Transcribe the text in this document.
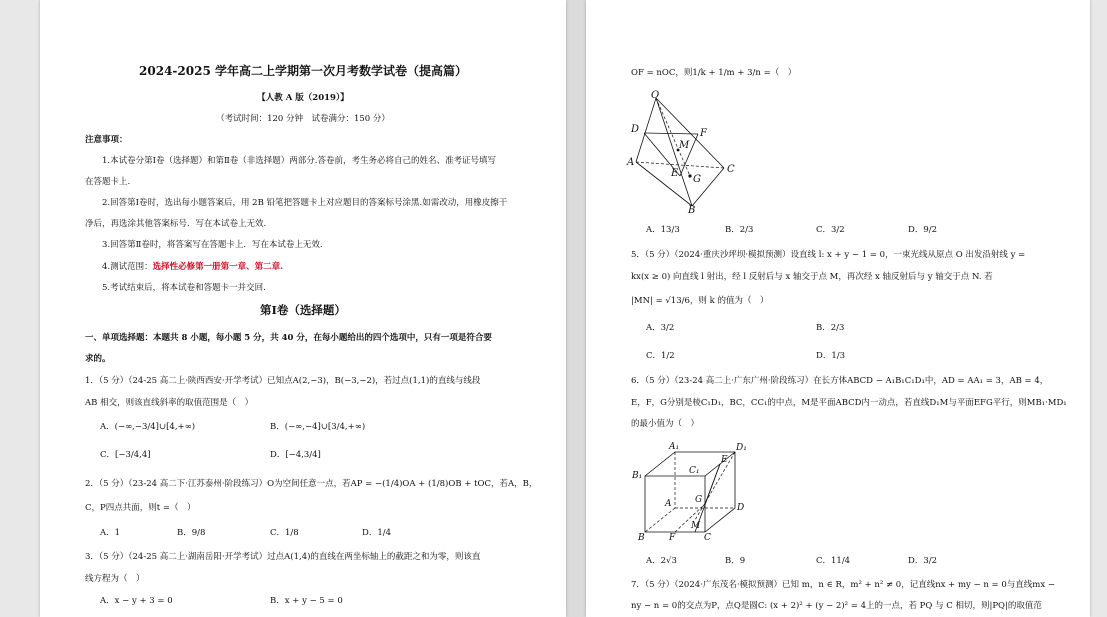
2024-2025 学年高二上学期第一次月考数学试卷（提高篇）
【人教 A 版（2019）】
（考试时间：120 分钟　试卷满分：150 分）
注意事项：
1.本试卷分第Ⅰ卷（选择题）和第Ⅱ卷（非选择题）两部分.答卷前，考生务必将自己的姓名、准考证号填写
在答题卡上.
2.回答第Ⅰ卷时，选出每小题答案后，用 2B 铅笔把答题卡上对应题目的答案标号涂黑.如需改动，用橡皮擦干
净后，再选涂其他答案标号．写在本试卷上无效.
3.回答第Ⅱ卷时，将答案写在答题卡上．写在本试卷上无效.
4.测试范围：选择性必修第一册第一章、第二章.
5.考试结束后，将本试卷和答题卡一并交回.
第Ⅰ卷（选择题）
一、单项选择题：本题共 8 小题，每小题 5 分，共 40 分，在每小题给出的四个选项中，只有一项是符合要
求的。
1．（5 分）（24-25 高二上·陕西西安·开学考试）已知点A(2,−3)，B(−3,−2)，若过点(1,1)的直线与线段
AB 相交，则该直线斜率的取值范围是（　）
A．(−∞,−3/4]∪[4,+∞)	B．(−∞,−4]∪[3/4,+∞)
C．[−3/4,4]	D．[−4,3/4]
2．（5 分）（23-24 高二下·江苏泰州·阶段练习）O为空间任意一点，若AP = −(1/4)OA + (1/8)OB + tOC，若A，B，
C，P四点共面，则t =（　）
A．1	B．9/8	C．1/8	D．1/4
3．（5 分）（24-25 高二上·湖南岳阳·开学考试）过点A(1,4)的直线在两坐标轴上的截距之和为零，则该直
线方程为（　）
A．x − y + 3 = 0	B．x + y − 5 = 0
OF = nOC，则1/k + 1/m + 3/n =（　）
O
D	F
M
A
E
G
C
B
A．13/3	B．2/3	C．3/2	D．9/2
5．（5 分）（2024·重庆沙坪坝·模拟预测）设直线 l: x + y − 1 = 0，一束光线从原点 O 出发沿射线 y =
kx(x ≥ 0) 向直线 l 射出，经 l 反射后与 x 轴交于点 M，再次经 x 轴反射后与 y 轴交于点 N. 若
|MN| = √13/6，则 k 的值为（　）
A．3/2	B．2/3
C．1/2	D．1/3
6．（5 分）（23-24 高二上·广东广州·阶段练习）在长方体ABCD − A₁B₁C₁D₁中，AD = AA₁ = 3，AB = 4，
E，F，G分别是棱C₁D₁，BC，CC₁的中点，M是平面ABCD内一动点，若直线D₁M与平面EFG平行，则MB₁·MD₁
的最小值为（　）
A₁	D₁
B₁	C₁
E
A	G
D
B	F
M
C
A．2√3	B．9	C．11/4	D．3/2
7．（5 分）（2024·广东茂名·模拟预测）已知 m，n ∈ R，m² + n² ≠ 0，记直线nx + my − n = 0与直线mx −
ny − n = 0的交点为P，点Q是圆C: (x + 2)² + (y − 2)² = 4上的一点，若 PQ 与 C 相切，则|PQ|的取值范
